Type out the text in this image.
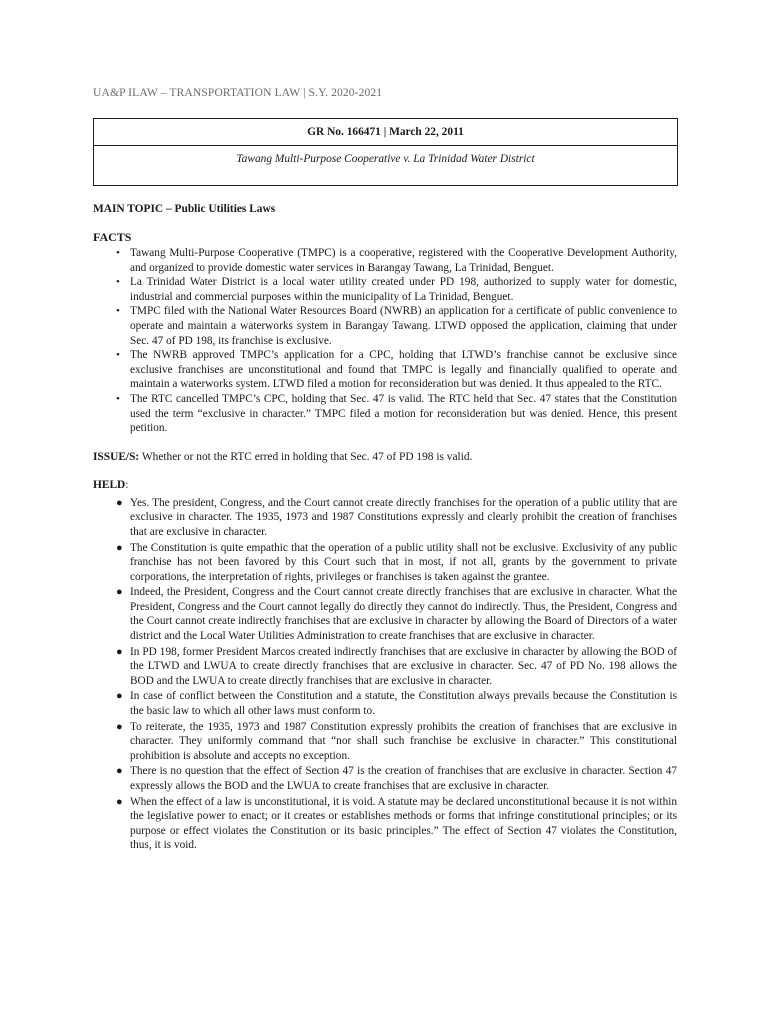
UA&P ILAW – TRANSPORTATION LAW | S.Y. 2020-2021
GR No. 166471 | March 22, 2011
Tawang Multi-Purpose Cooperative v. La Trinidad Water District
MAIN TOPIC – Public Utilities Laws
FACTS
• Tawang Multi-Purpose Cooperative (TMPC) is a cooperative, registered with the Cooperative Development Authority, and organized to provide domestic water services in Barangay Tawang, La Trinidad, Benguet.
• La Trinidad Water District is a local water utility created under PD 198, authorized to supply water for domestic, industrial and commercial purposes within the municipality of La Trinidad, Benguet.
• TMPC filed with the National Water Resources Board (NWRB) an application for a certificate of public convenience to operate and maintain a waterworks system in Barangay Tawang. LTWD opposed the application, claiming that under Sec. 47 of PD 198, its franchise is exclusive.
• The NWRB approved TMPC’s application for a CPC, holding that LTWD’s franchise cannot be exclusive since exclusive franchises are unconstitutional and found that TMPC is legally and financially qualified to operate and maintain a waterworks system. LTWD filed a motion for reconsideration but was denied. It thus appealed to the RTC.
• The RTC cancelled TMPC’s CPC, holding that Sec. 47 is valid. The RTC held that Sec. 47 states that the Constitution used the term “exclusive in character.” TMPC filed a motion for reconsideration but was denied. Hence, this present petition.
ISSUE/S: Whether or not the RTC erred in holding that Sec. 47 of PD 198 is valid.
HELD:
● Yes. The president, Congress, and the Court cannot create directly franchises for the operation of a public utility that are exclusive in character. The 1935, 1973 and 1987 Constitutions expressly and clearly prohibit the creation of franchises that are exclusive in character.
● The Constitution is quite empathic that the operation of a public utility shall not be exclusive. Exclusivity of any public franchise has not been favored by this Court such that in most, if not all, grants by the government to private corporations, the interpretation of rights, privileges or franchises is taken against the grantee.
● Indeed, the President, Congress and the Court cannot create directly franchises that are exclusive in character. What the President, Congress and the Court cannot legally do directly they cannot do indirectly. Thus, the President, Congress and the Court cannot create indirectly franchises that are exclusive in character by allowing the Board of Directors of a water district and the Local Water Utilities Administration to create franchises that are exclusive in character.
● In PD 198, former President Marcos created indirectly franchises that are exclusive in character by allowing the BOD of the LTWD and LWUA to create directly franchises that are exclusive in character. Sec. 47 of PD No. 198 allows the BOD and the LWUA to create directly franchises that are exclusive in character.
● In case of conflict between the Constitution and a statute, the Constitution always prevails because the Constitution is the basic law to which all other laws must conform to.
● To reiterate, the 1935, 1973 and 1987 Constitution expressly prohibits the creation of franchises that are exclusive in character. They uniformly command that “nor shall such franchise be exclusive in character.” This constitutional prohibition is absolute and accepts no exception.
● There is no question that the effect of Section 47 is the creation of franchises that are exclusive in character. Section 47 expressly allows the BOD and the LWUA to create franchises that are exclusive in character.
● When the effect of a law is unconstitutional, it is void. A statute may be declared unconstitutional because it is not within the legislative power to enact; or it creates or establishes methods or forms that infringe constitutional principles; or its purpose or effect violates the Constitution or its basic principles.” The effect of Section 47 violates the Constitution, thus, it is void.
